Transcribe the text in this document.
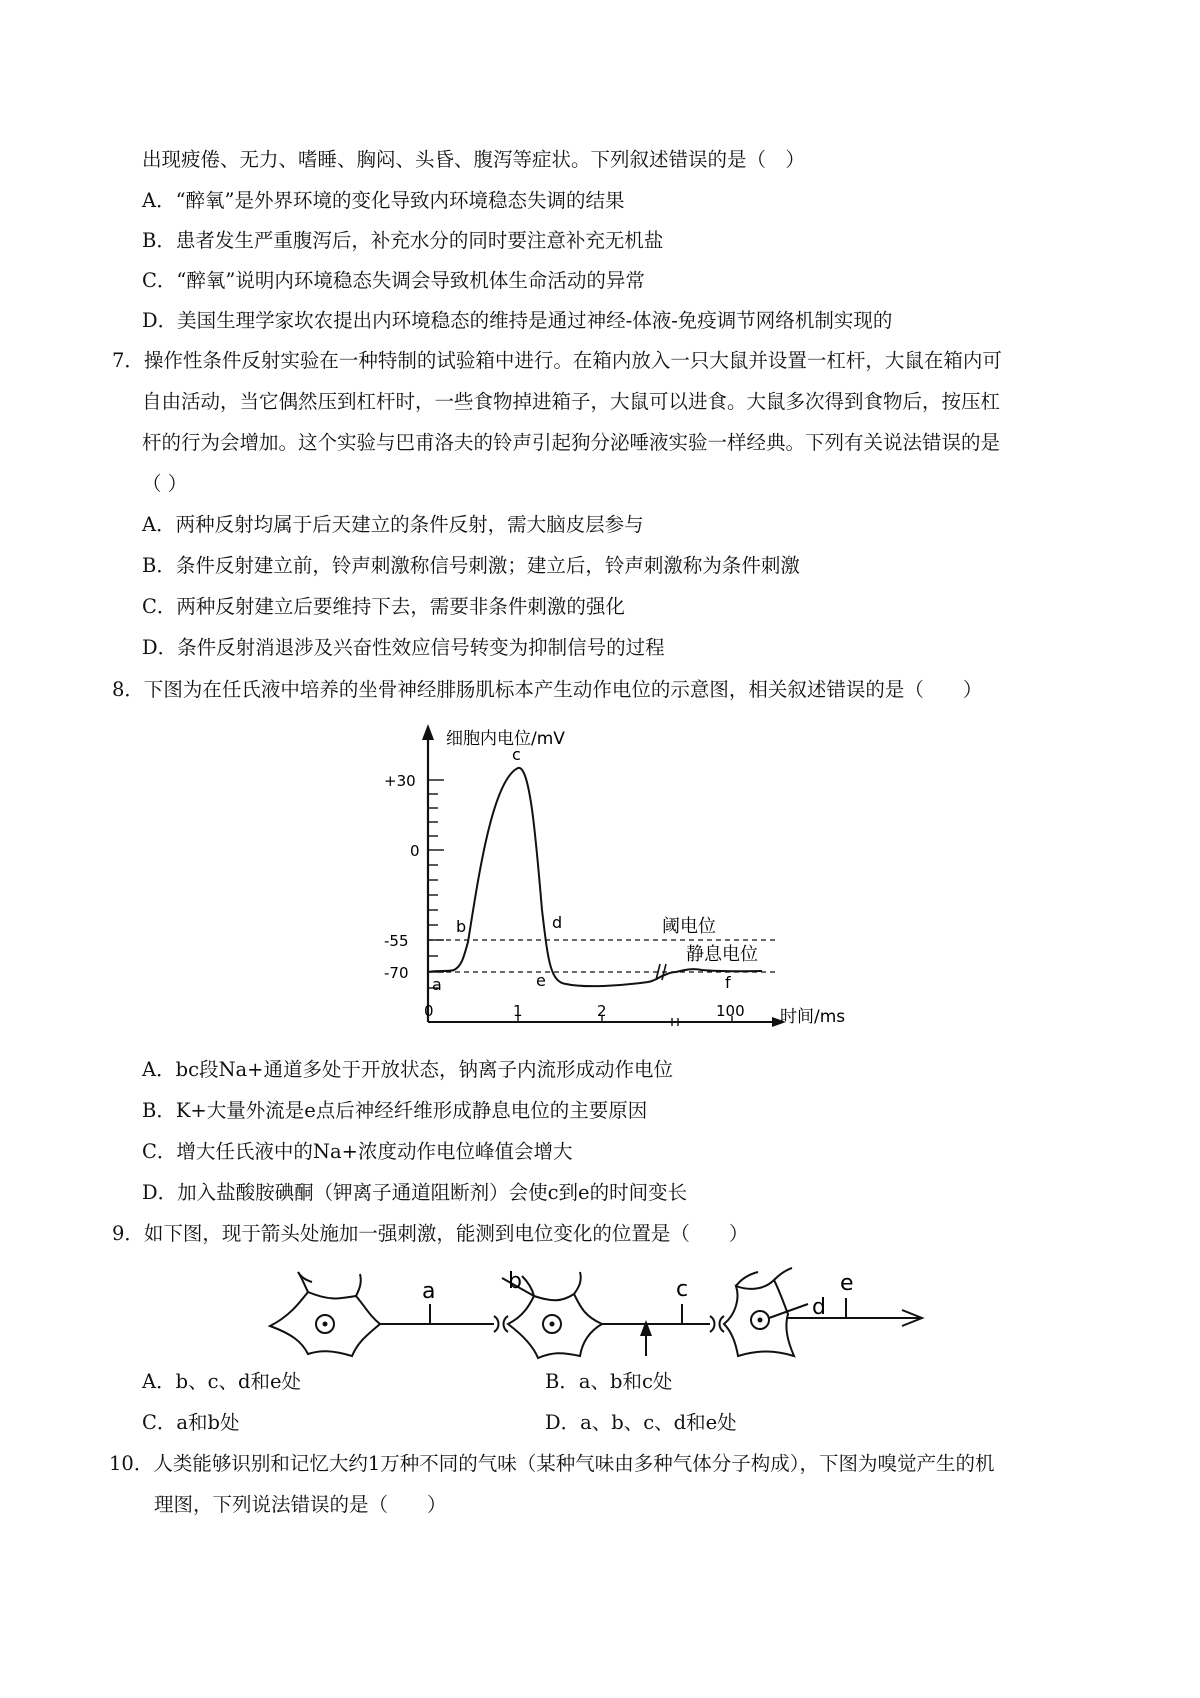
出现疲倦、无力、嗜睡、胸闷、头昏、腹泻等症状。下列叙述错误的是（　）
A．“醉氧”是外界环境的变化导致内环境稳态失调的结果
B．患者发生严重腹泻后，补充水分的同时要注意补充无机盐
C．“醉氧”说明内环境稳态失调会导致机体生命活动的异常
D．美国生理学家坎农提出内环境稳态的维持是通过神经-体液-免疫调节网络机制实现的
7．操作性条件反射实验在一种特制的试验箱中进行。在箱内放入一只大鼠并设置一杠杆，大鼠在箱内可
自由活动，当它偶然压到杠杆时，一些食物掉进箱子，大鼠可以进食。大鼠多次得到食物后，按压杠
杆的行为会增加。这个实验与巴甫洛夫的铃声引起狗分泌唾液实验一样经典。下列有关说法错误的是
（ ）
A．两种反射均属于后天建立的条件反射，需大脑皮层参与
B．条件反射建立前，铃声刺激称信号刺激；建立后，铃声刺激称为条件刺激
C．两种反射建立后要维持下去，需要非条件刺激的强化
D．条件反射消退涉及兴奋性效应信号转变为抑制信号的过程
8．下图为在任氏液中培养的坐骨神经腓肠肌标本产生动作电位的示意图，相关叙述错误的是（　　）
+30
0
-55
-70
0	1	2	100
细胞内电位/mV
时间/ms
阈电位
静息电位
a
b
c
d
e	f
A．bc段Na+通道多处于开放状态，钠离子内流形成动作电位
B．K+大量外流是e点后神经纤维形成静息电位的主要原因
C．增大任氏液中的Na+浓度动作电位峰值会增大
D．加入盐酸胺碘酮（钾离子通道阻断剂）会使c到e的时间变长
9．如下图，现于箭头处施加一强刺激，能测到电位变化的位置是（　　）
a	b	c
d
e
A．b、c、d和e处	B．a、b和c处
C．a和b处	D．a、b、c、d和e处
10．人类能够识别和记忆大约1万种不同的气味（某种气味由多种气体分子构成），下图为嗅觉产生的机
理图，下列说法错误的是（　　）
